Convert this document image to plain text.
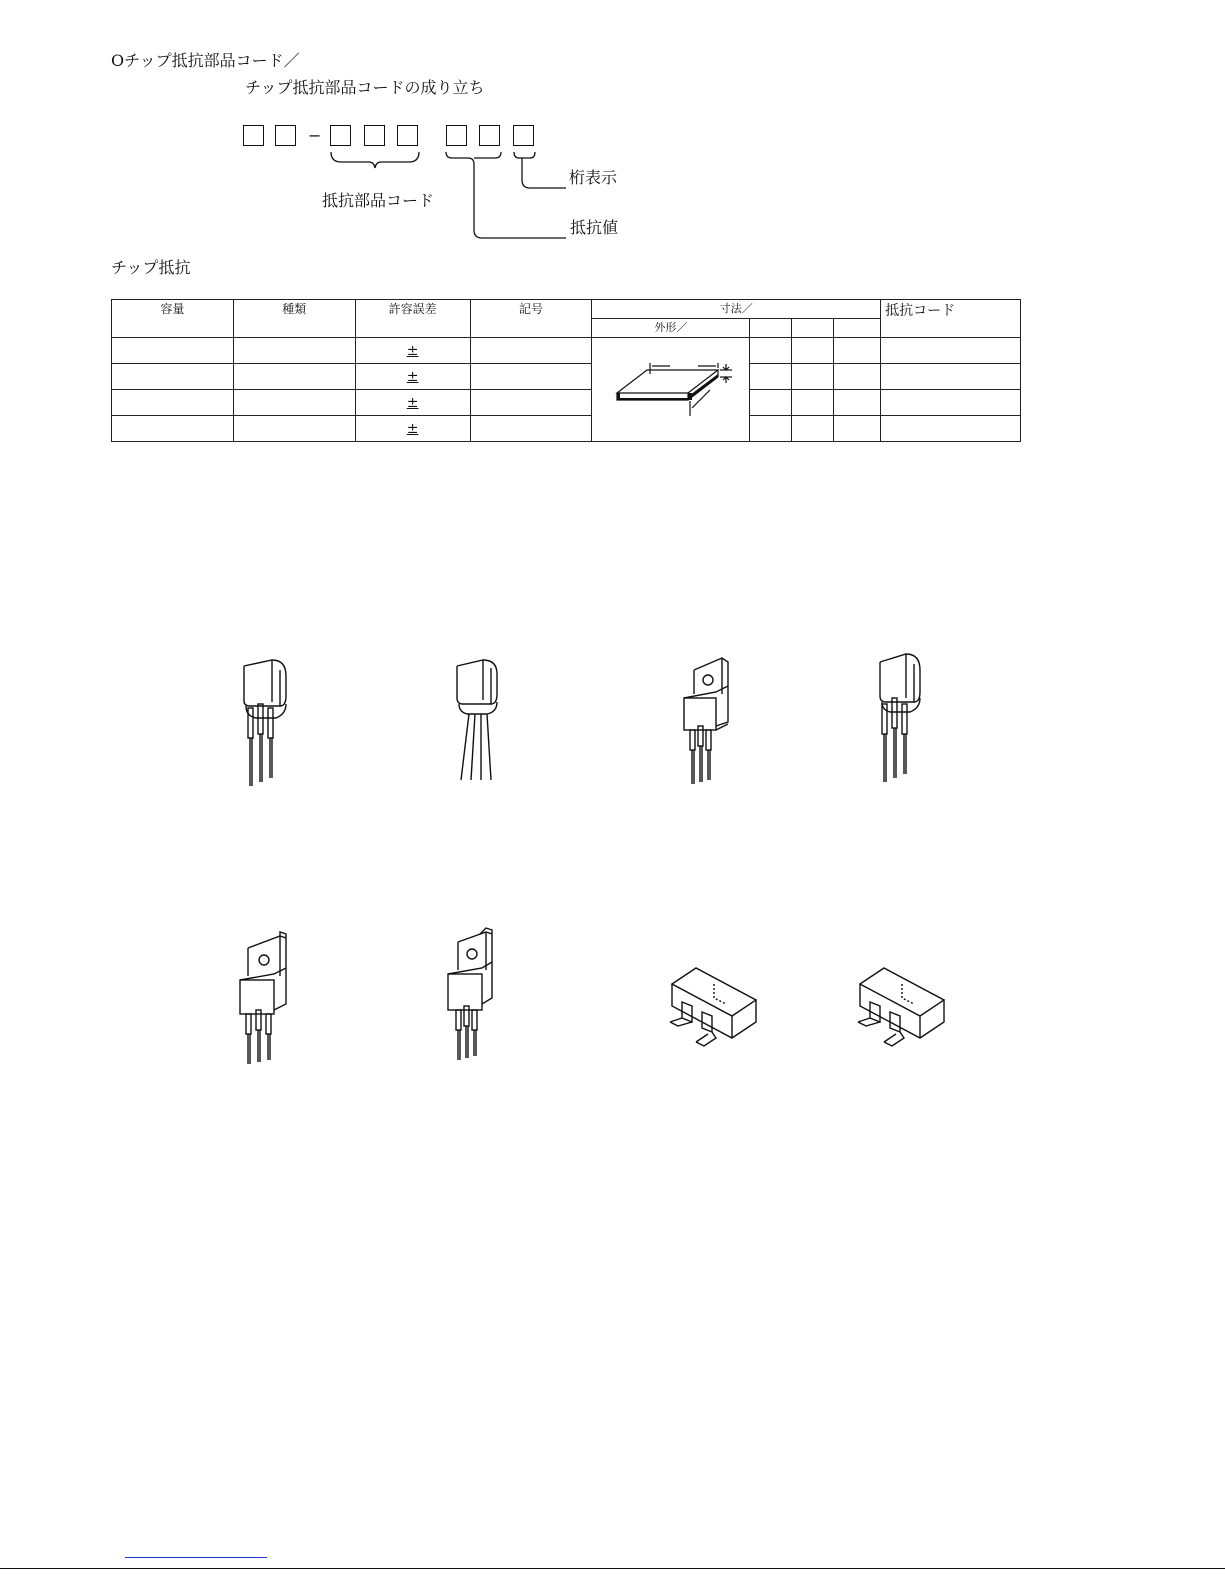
Oチップ抵抗部品コード／
チップ抵抗部品コードの成り立ち
−
抵抗部品コード
桁表示
抵抗値
チップ抵抗
容量	種類	許容誤差	記号	寸法／				抵抗コード
				外形／				
		±						
		±						
		±						
		±						
